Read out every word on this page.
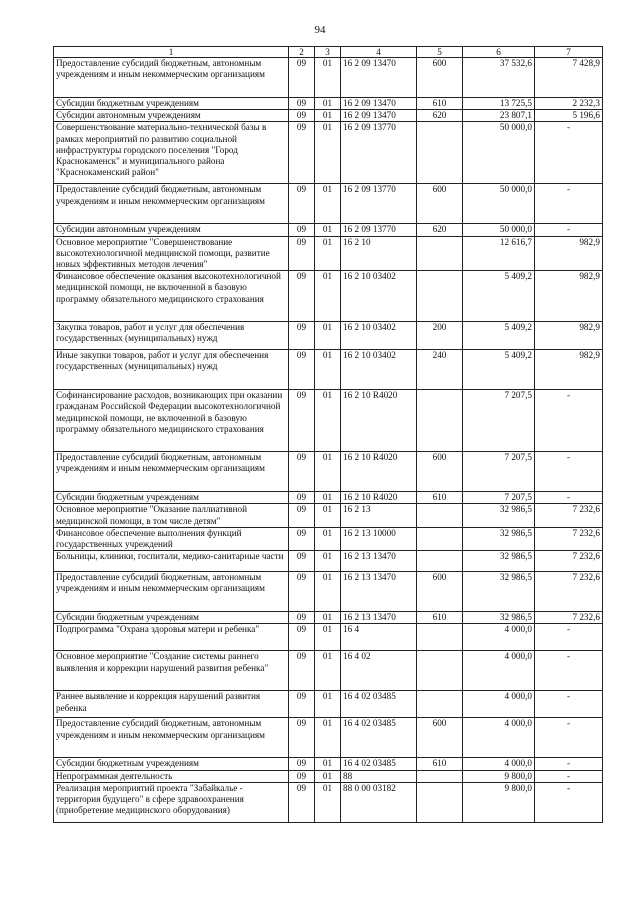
94
1	2	3	4	5	6	7
Предоставление субсидий бюджетным, автономным учреждениям и иным некоммерческим организациям	09	01	16 2 09 13470	600	37 532,6	7 428,9
Субсидии бюджетным учреждениям	09	01	16 2 09 13470	610	13 725,5	2 232,3
Субсидии автономным учреждениям	09	01	16 2 09 13470	620	23 807,1	5 196,6
Совершенствование материально-технической базы в рамках мероприятий по развитию социальной инфраструктуры городского поселения "Город Краснокаменск" и муниципального района "Краснокаменский район"	09	01	16 2 09 13770		50 000,0	-
Предоставление субсидий бюджетным, автономным учреждениям и иным некоммерческим организациям	09	01	16 2 09 13770	600	50 000,0	-
Субсидии автономным учреждениям	09	01	16 2 09 13770	620	50 000,0	-
Основное мероприятие "Совершенствование высокотехнологичной медицинской помощи, развитие новых эффективных методов лечения"	09	01	16 2 10		12 616,7	982,9
Финансовое обеспечение оказания высокотехнологичной медицинской помощи, не включенной в базовую программу обязательного медицинского страхования	09	01	16 2 10 03402		5 409,2	982,9
Закупка товаров, работ и услуг для обеспечения государственных (муниципальных) нужд	09	01	16 2 10 03402	200	5 409,2	982,9
Иные закупки товаров, работ и услуг для обеспечения государственных (муниципальных) нужд	09	01	16 2 10 03402	240	5 409,2	982,9
Софинансирование расходов, возникающих при оказании гражданам Российской Федерации высокотехнологичной медицинской помощи, не включенной в базовую программу обязательного медицинского страхования	09	01	16 2 10 R4020		7 207,5	-
Предоставление субсидий бюджетным, автономным учреждениям и иным некоммерческим организациям	09	01	16 2 10 R4020	600	7 207,5	-
Субсидии бюджетным учреждениям	09	01	16 2 10 R4020	610	7 207,5	-
Основное мероприятие "Оказание паллиативной медицинской помощи, в том числе детям"	09	01	16 2 13		32 986,5	7 232,6
Финансовое обеспечение выполнения функций государственных учреждений	09	01	16 2 13 10000		32 986,5	7 232,6
Больницы, клиники, госпитали, медико-санитарные части	09	01	16 2 13 13470		32 986,5	7 232,6
Предоставление субсидий бюджетным, автономным учреждениям и иным некоммерческим организациям	09	01	16 2 13 13470	600	32 986,5	7 232,6
Субсидии бюджетным учреждениям	09	01	16 2 13 13470	610	32 986,5	7 232,6
Подпрограмма "Охрана здоровья матери и ребенка"	09	01	16 4		4 000,0	-
Основное мероприятие "Создание системы раннего выявления и коррекции нарушений развития ребенка"	09	01	16 4 02		4 000,0	-
Раннее выявление и коррекция нарушений развития ребенка	09	01	16 4 02 03485		4 000,0	-
Предоставление субсидий бюджетным, автономным учреждениям и иным некоммерческим организациям	09	01	16 4 02 03485	600	4 000,0	-
Субсидии бюджетным учреждениям	09	01	16 4 02 03485	610	4 000,0	-
Непрограммная деятельность	09	01	88		9 800,0	-
Реализация мероприятий проекта "Забайкалье - территория будущего" в сфере здравоохранения (приобретение медицинского оборудования)	09	01	88 0 00 03182		9 800,0	-
